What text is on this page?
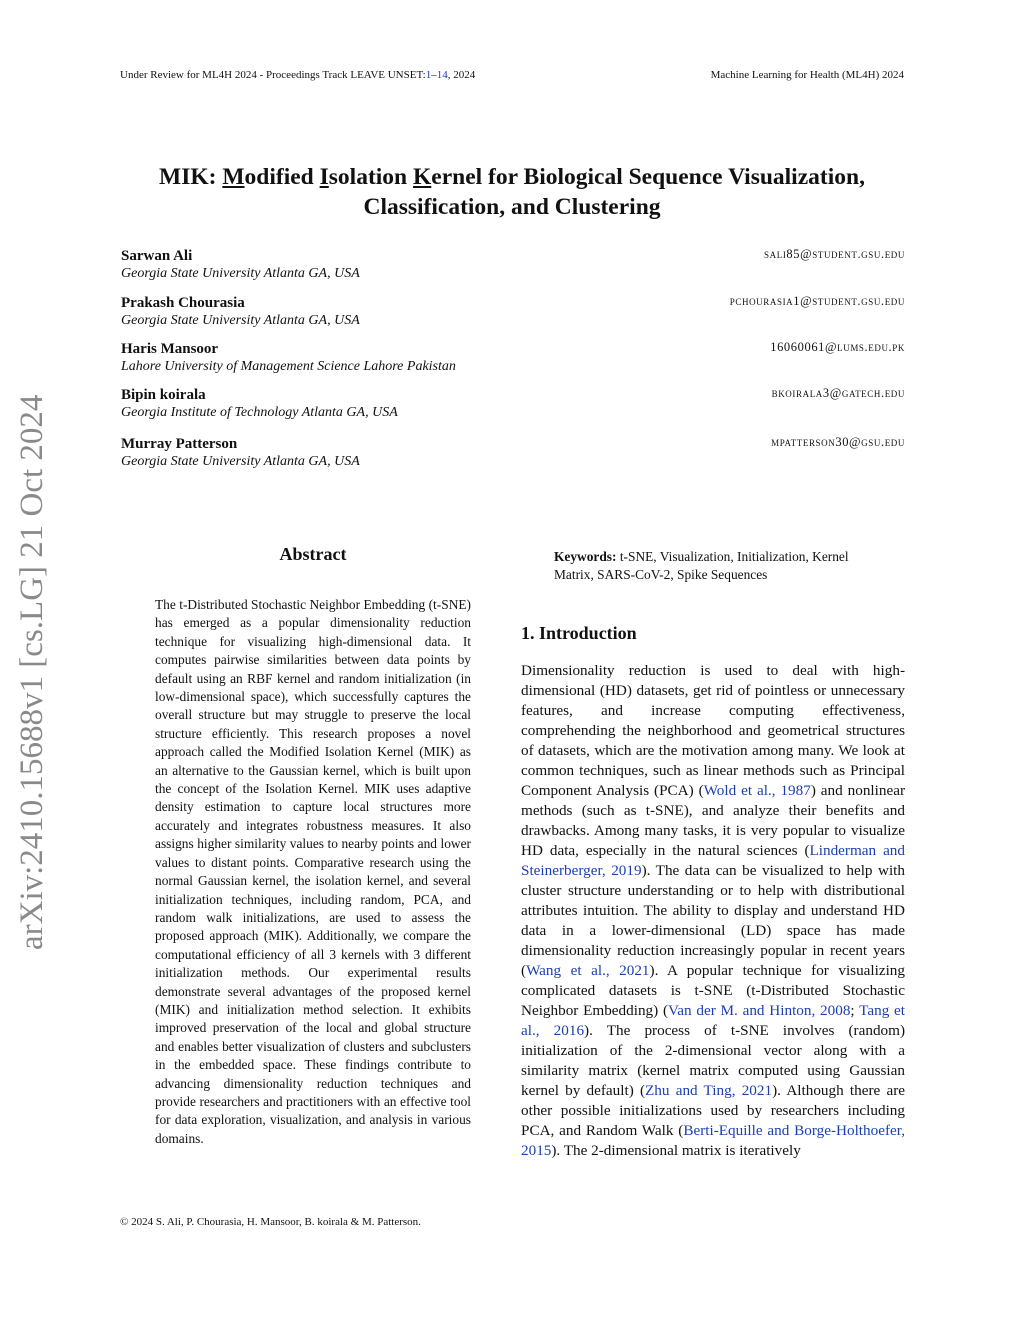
Under Review for ML4H 2024 - Proceedings Track LEAVE UNSET:1–14, 2024	Machine Learning for Health (ML4H) 2024
MIK: Modified Isolation Kernel for Biological Sequence Visualization,
Classification, and Clustering
Sarwan Ali
Georgia State University Atlanta GA, USA
sali85@student.gsu.edu
Prakash Chourasia
Georgia State University Atlanta GA, USA
pchourasia1@student.gsu.edu
Haris Mansoor
Lahore University of Management Science Lahore Pakistan
16060061@lums.edu.pk
Bipin koirala
Georgia Institute of Technology Atlanta GA, USA
bkoirala3@gatech.edu
Murray Patterson
Georgia State University Atlanta GA, USA
mpatterson30@gsu.edu
arXiv:2410.15688v1 [cs.LG] 21 Oct 2024	Abstract
The t-Distributed Stochastic Neighbor Embedding (t-SNE) has emerged as a popular dimensionality reduction technique for visualizing high-dimensional data. It computes pairwise similarities between data points by default using an RBF kernel and random initialization (in low-dimensional space), which successfully captures the overall structure but may struggle to preserve the local structure efficiently. This research proposes a novel approach called the Modified Isolation Kernel (MIK) as an alternative to the Gaussian kernel, which is built upon the concept of the Isolation Kernel. MIK uses adaptive density estimation to capture local structures more accurately and integrates robustness measures. It also assigns higher similarity values to nearby points and lower values to distant points. Comparative research using the normal Gaussian kernel, the isolation kernel, and several initialization techniques, including random, PCA, and random walk initializations, are used to assess the proposed approach (MIK). Additionally, we compare the computational efficiency of all 3 kernels with 3 different initialization methods. Our experimental results demonstrate several advantages of the proposed kernel (MIK) and initialization method selection. It exhibits improved preservation of the local and global structure and enables better visualization of clusters and subclusters in the embedded space. These findings contribute to advancing dimensionality reduction techniques and provide researchers and practitioners with an effective tool for data exploration, visualization, and analysis in various domains.
Keywords: t-SNE, Visualization, Initialization, Kernel Matrix, SARS-CoV-2, Spike Sequences
1. Introduction
Dimensionality reduction is used to deal with high-dimensional (HD) datasets, get rid of pointless or unnecessary features, and increase computing effectiveness, comprehending the neighborhood and geometrical structures of datasets, which are the motivation among many. We look at common techniques, such as linear methods such as Principal Component Analysis (PCA) (Wold et al., 1987) and nonlinear methods (such as t-SNE), and analyze their benefits and drawbacks. Among many tasks, it is very popular to visualize HD data, especially in the natural sciences (Linderman and Steinerberger, 2019). The data can be visualized to help with cluster structure understanding or to help with distributional attributes intuition. The ability to display and understand HD data in a lower-dimensional (LD) space has made dimensionality reduction increasingly popular in recent years (Wang et al., 2021). A popular technique for visualizing complicated datasets is t-SNE (t-Distributed Stochastic Neighbor Embedding) (Van der M. and Hinton, 2008; Tang et al., 2016). The process of t-SNE involves (random) initialization of the 2-dimensional vector along with a similarity matrix (kernel matrix computed using Gaussian kernel by default) (Zhu and Ting, 2021). Although there are other possible initializations used by researchers including PCA, and Random Walk (Berti-Equille and Borge-Holthoefer, 2015). The 2-dimensional matrix is iteratively
© 2024 S. Ali, P. Chourasia, H. Mansoor, B. koirala & M. Patterson.
